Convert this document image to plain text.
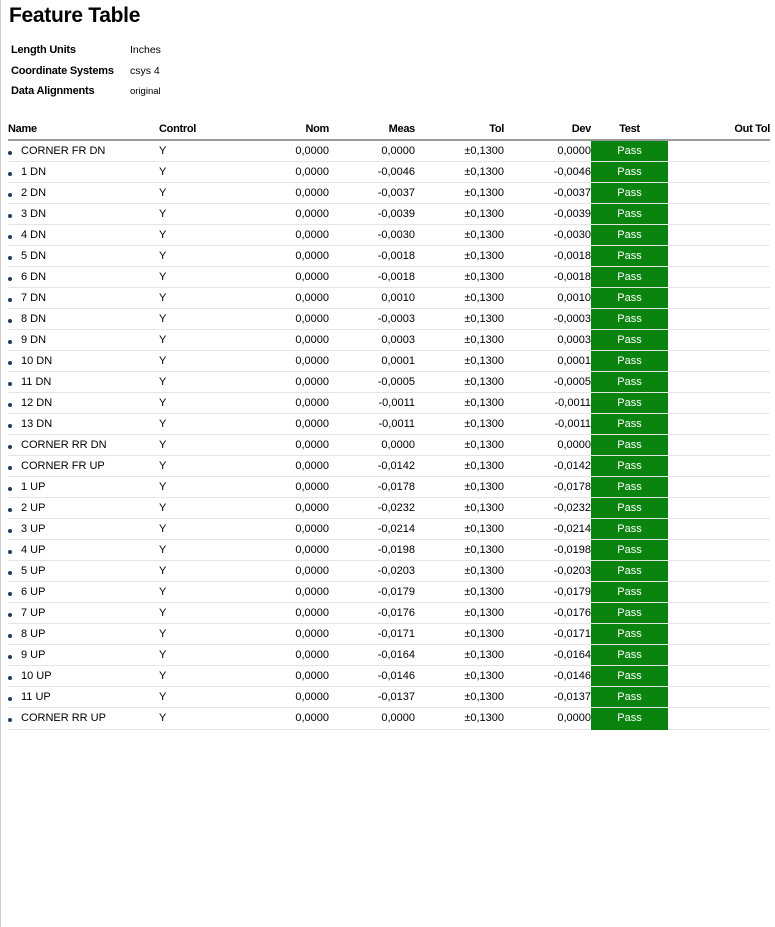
Feature Table
Length Units	Inches
Coordinate Systems	csys 4
Data Alignments	original
Name	Control	Nom	Meas	Tol	Dev	Test	Out Tol
CORNER FR DN	Y	0,0000	0,0000	±0,1300	0,0000	Pass	
1 DN	Y	0,0000	-0,0046	±0,1300	-0,0046	Pass	
2 DN	Y	0,0000	-0,0037	±0,1300	-0,0037	Pass	
3 DN	Y	0,0000	-0,0039	±0,1300	-0,0039	Pass	
4 DN	Y	0,0000	-0,0030	±0,1300	-0,0030	Pass	
5 DN	Y	0,0000	-0,0018	±0,1300	-0,0018	Pass	
6 DN	Y	0,0000	-0,0018	±0,1300	-0,0018	Pass	
7 DN	Y	0,0000	0,0010	±0,1300	0,0010	Pass	
8 DN	Y	0,0000	-0,0003	±0,1300	-0,0003	Pass	
9 DN	Y	0,0000	0,0003	±0,1300	0,0003	Pass	
10 DN	Y	0,0000	0,0001	±0,1300	0,0001	Pass	
11 DN	Y	0,0000	-0,0005	±0,1300	-0,0005	Pass	
12 DN	Y	0,0000	-0,0011	±0,1300	-0,0011	Pass	
13 DN	Y	0,0000	-0,0011	±0,1300	-0,0011	Pass	
CORNER RR DN	Y	0,0000	0,0000	±0,1300	0,0000	Pass	
CORNER FR UP	Y	0,0000	-0,0142	±0,1300	-0,0142	Pass	
1 UP	Y	0,0000	-0,0178	±0,1300	-0,0178	Pass	
2 UP	Y	0,0000	-0,0232	±0,1300	-0,0232	Pass	
3 UP	Y	0,0000	-0,0214	±0,1300	-0,0214	Pass	
4 UP	Y	0,0000	-0,0198	±0,1300	-0,0198	Pass	
5 UP	Y	0,0000	-0,0203	±0,1300	-0,0203	Pass	
6 UP	Y	0,0000	-0,0179	±0,1300	-0,0179	Pass	
7 UP	Y	0,0000	-0,0176	±0,1300	-0,0176	Pass	
8 UP	Y	0,0000	-0,0171	±0,1300	-0,0171	Pass	
9 UP	Y	0,0000	-0,0164	±0,1300	-0,0164	Pass	
10 UP	Y	0,0000	-0,0146	±0,1300	-0,0146	Pass	
11 UP	Y	0,0000	-0,0137	±0,1300	-0,0137	Pass	
CORNER RR UP	Y	0,0000	0,0000	±0,1300	0,0000	Pass	
